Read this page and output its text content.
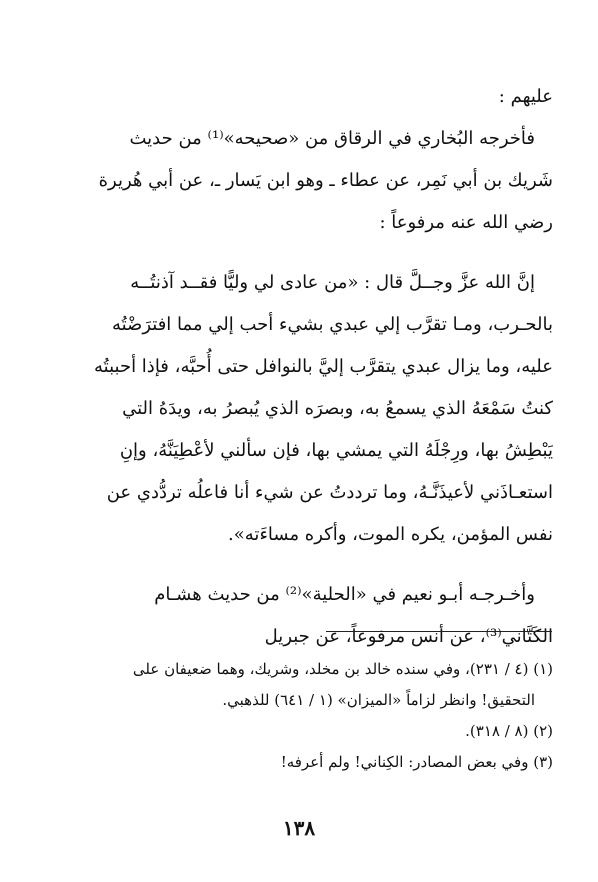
عليهم :
فأخرجه البُخاري في الرقاق من «صحيحه»⁽¹⁾ من حديث
شَريك بن أبي نَمِر، عن عطاء ـ وهو ابن يَسار ـ، عن أبي هُريرة
رضي الله عنه مرفوعاً :
إنَّ الله عزَّ وجــلَّ قال : «من عادى لي وليًّا فقــد آذنتُــه
بالحـرب، ومـا تقرَّب إلي عبدي بشيء أحب إلي مما افترَضْتُه
عليه، وما يزال عبدي يتقرَّب إليَّ بالنوافل حتى أُحبَّه، فإذا أحببتُه
كنتُ سَمْعَهُ الذي يسمعُ به، وبصرَه الذي يُبصرُ به، ويدَهُ التي
يَبْطِشُ بها، ورِجْلَهُ التي يمشي بها، فإن سألني لأعْطِيَنَّهُ، وإنِ
استعـاذَني لأعيذَنَّـهُ، وما ترددتُ عن شيء أنا فاعلُه تردُّدي عن
نفس المؤمن، يكره الموت، وأكره مساءَته».
وأخـرجـه أبـو نعيم في «الحلية»⁽²⁾ من حديث هشـام
الكَتَّاني⁽³⁾، عن أنس مرفوعاً، عن جبريل
(١) (٤ / ٢٣١)، وفي سنده خالد بن مخلد، وشريك، وهما ضعيفان على
التحقيق! وانظر لزاماً «الميزان» (١ / ٦٤١) للذهبي.
(٢) (٨ / ٣١٨).
(٣) وفي بعض المصادر: الكِناني! ولم أعرفه!
١٣٨
